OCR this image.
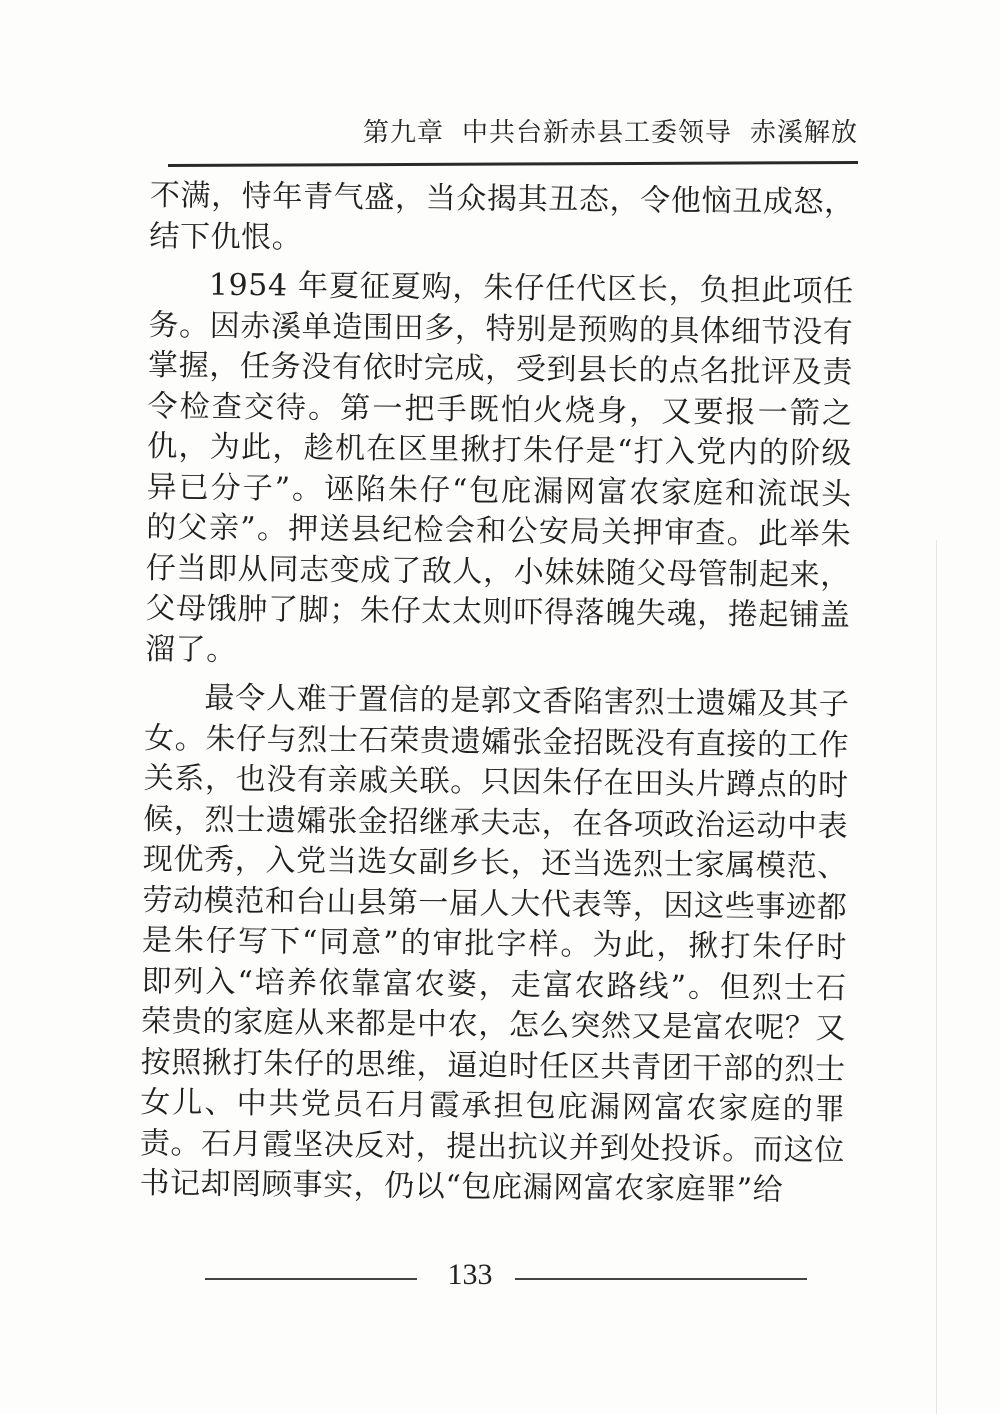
第九章 中共台新赤县工委领导 赤溪解放

不满，恃年青气盛，当众揭其丑态，令他恼丑成怒，结下仇恨。

1954 年夏征夏购，朱仔任代区长，负担此项任务。因赤溪单造围田多，特别是预购的具体细节没有掌握，任务没有依时完成，受到县长的点名批评及责令检查交待。第一把手既怕火烧身，又要报一箭之仇，为此，趁机在区里揪打朱仔是“打入党内的阶级异已分子”。诬陷朱仔“包庇漏网富农家庭和流氓头的父亲”。押送县纪检会和公安局关押审查。此举朱仔当即从同志变成了敌人，小妹妹随父母管制起来，父母饿肿了脚；朱仔太太则吓得落魄失魂，捲起铺盖溜了。

最令人难于置信的是郭文香陷害烈士遗孀及其子女。朱仔与烈士石荣贵遗孀张金招既没有直接的工作关系，也没有亲戚关联。只因朱仔在田头片蹲点的时候，烈士遗孀张金招继承夫志，在各项政治运动中表现优秀，入党当选女副乡长，还当选烈士家属模范、劳动模范和台山县第一届人大代表等，因这些事迹都是朱仔写下“同意”的审批字样。为此，揪打朱仔时即列入“培养依靠富农婆，走富农路线”。但烈士石荣贵的家庭从来都是中农，怎么突然又是富农呢？又按照揪打朱仔的思维，逼迫时任区共青团干部的烈士女儿、中共党员石月霞承担包庇漏网富农家庭的罪责。石月霞坚决反对，提出抗议并到处投诉。而这位书记却罔顾事实，仍以“包庇漏网富农家庭罪”给

133
